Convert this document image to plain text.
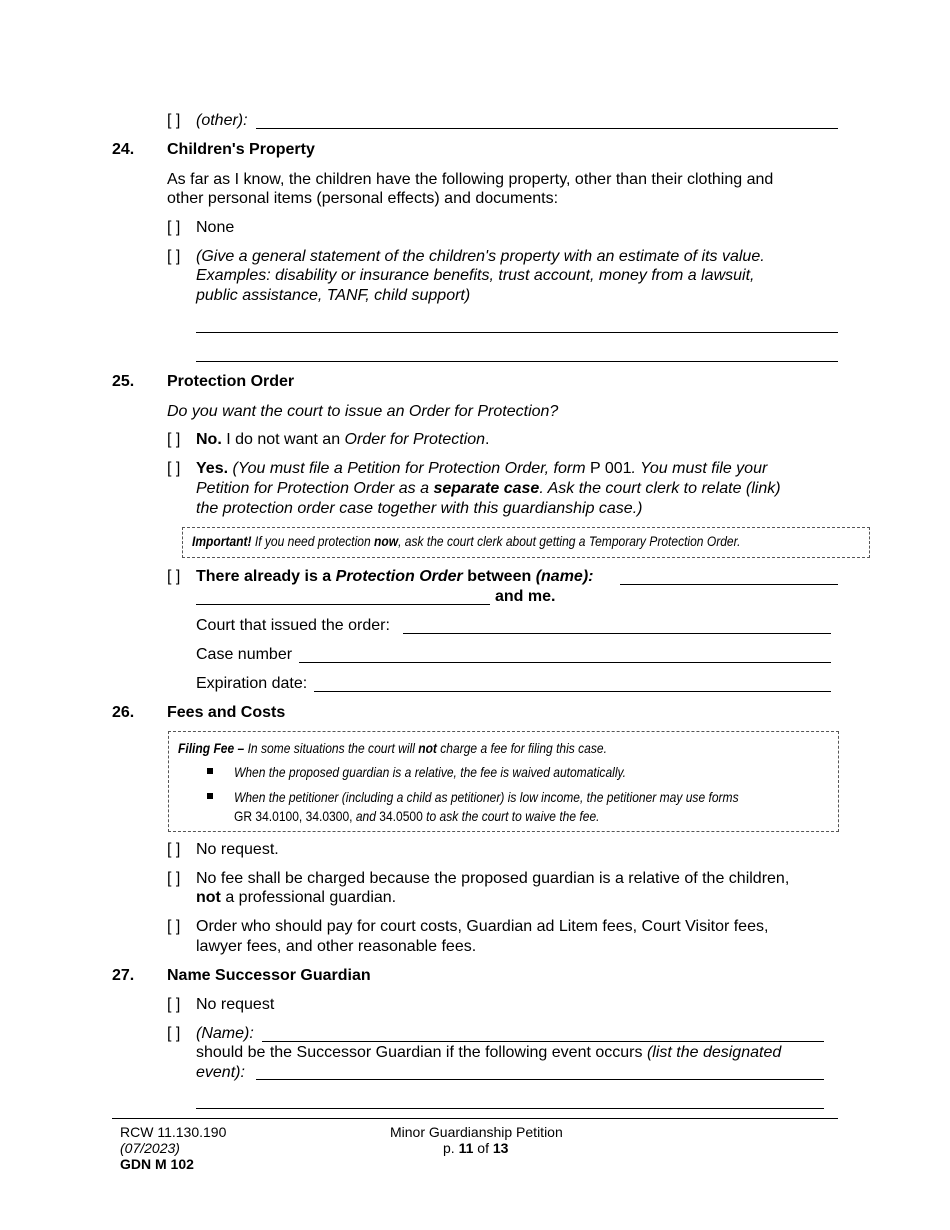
[ ] (other):
24. Children's Property
As far as I know, the children have the following property, other than their clothing and
other personal items (personal effects) and documents:
[ ] None
[ ] (Give a general statement of the children's property with an estimate of its value.
Examples: disability or insurance benefits, trust account, money from a lawsuit,
public assistance, TANF, child support)
25. Protection Order
Do you want the court to issue an Order for Protection?
[ ] No. I do not want an Order for Protection.
[ ] Yes. (You must file a Petition for Protection Order, form P 001. You must file your
Petition for Protection Order as a separate case. Ask the court clerk to relate (link)
the protection order case together with this guardianship case.)
Important! If you need protection now, ask the court clerk about getting a Temporary Protection Order.
[ ] There already is a Protection Order between (name):
and me.
Court that issued the order:
Case number
Expiration date:
26. Fees and Costs
Filing Fee – In some situations the court will not charge a fee for filing this case.
When the proposed guardian is a relative, the fee is waived automatically.
When the petitioner (including a child as petitioner) is low income, the petitioner may use forms
GR 34.0100, 34.0300, and 34.0500 to ask the court to waive the fee.
[ ] No request.
[ ] No fee shall be charged because the proposed guardian is a relative of the children,
not a professional guardian.
[ ] Order who should pay for court costs, Guardian ad Litem fees, Court Visitor fees,
lawyer fees, and other reasonable fees.
27. Name Successor Guardian
[ ] No request
[ ] (Name):
should be the Successor Guardian if the following event occurs (list the designated
event):
RCW 11.130.190
(07/2023)
GDN M 102
Minor Guardianship Petition
p. 11 of 13
